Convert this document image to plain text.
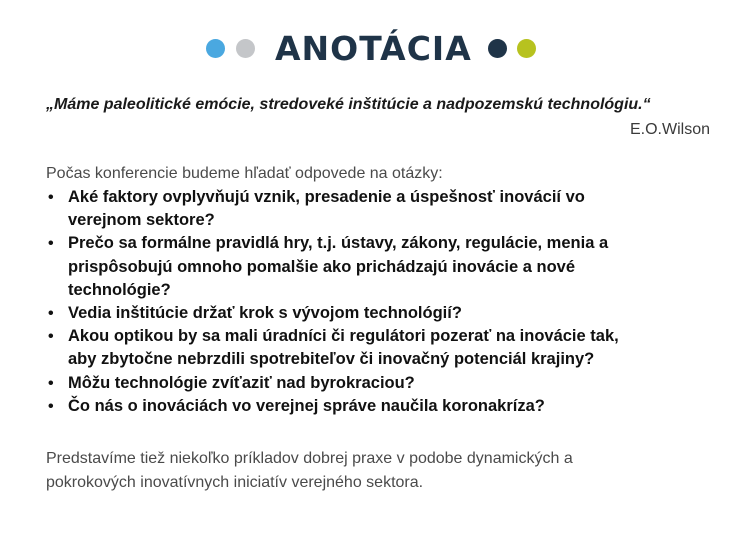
ANOTÁCIA
„Máme paleolitické emócie, stredoveké inštitúcie a nadpozemskú technológiu.“
E.O.Wilson
Počas konferencie budeme hľadať odpovede na otázky:
• Aké faktory ovplyvňujú vznik, presadenie a úspešnosť inovácií vo
verejnom sektore?
• Prečo sa formálne pravidlá hry, t.j. ústavy, zákony, regulácie, menia a
prispôsobujú omnoho pomalšie ako prichádzajú inovácie a nové
technológie?
• Vedia inštitúcie držať krok s vývojom technológií?
• Akou optikou by sa mali úradníci či regulátori pozerať na inovácie tak,
aby zbytočne nebrzdili spotrebiteľov či inovačný potenciál krajiny?
• Môžu technológie zvíťaziť nad byrokraciou?
• Čo nás o inováciách vo verejnej správe naučila koronakríza?
Predstavíme tiež niekoľko príkladov dobrej praxe v podobe dynamických a
pokrokových inovatívnych iniciatív verejného sektora.
